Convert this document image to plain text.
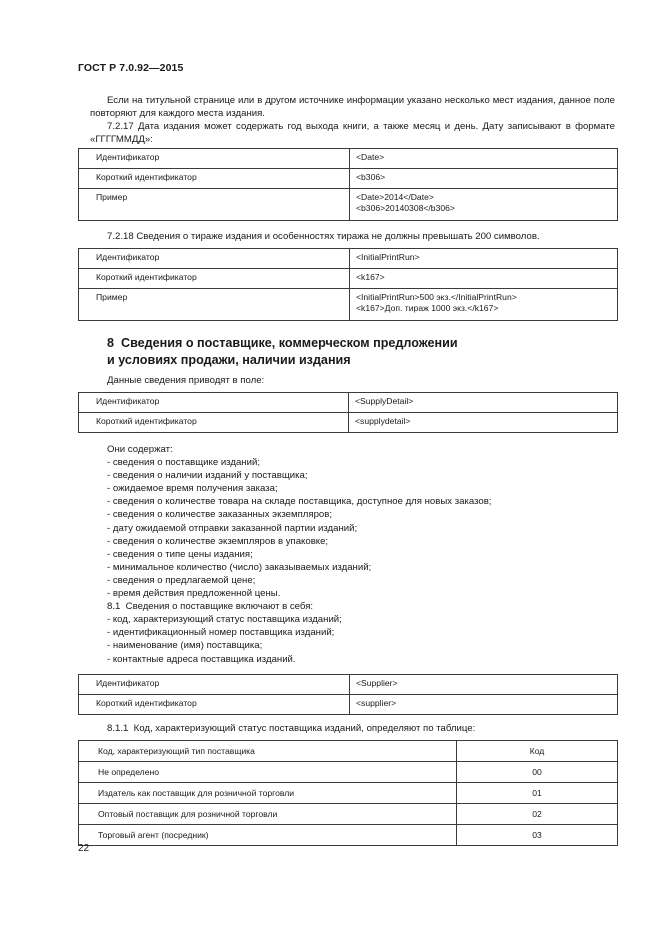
ГОСТ Р 7.0.92—2015

Если на титульной странице или в другом источнике информации указано несколько мест издания, данное поле повторяют для каждого места издания.

7.2.17 Дата издания может содержать год выхода книги, а также месяц и день. Дату записывают в формате «ГГГГММДД»:

Идентификатор	<Date>

Короткий идентификатор	<b306>

Пример	<Date>2014</Date>
<b306>20140308</b306>
7.2.18 Сведения о тираже издания и особенностях тиража не должны превышать 200 символов.
Идентификатор	<InitialPrintRun>

Короткий идентификатор	<k167>

Пример	<InitialPrintRun>500 экз.</InitialPrintRun>
<k167>Доп. тираж 1000 экз.</k167>
8  Сведения о поставщике, коммерческом предложении
и условиях продажи, наличии издания
Данные сведения приводят в поле:
Идентификатор	<SupplyDetail>

Короткий идентификатор	<supplydetail>
Они содержат:
- сведения о поставщике изданий;
- сведения о наличии изданий у поставщика;
- ожидаемое время получения заказа;
- сведения о количестве товара на складе поставщика, доступное для новых заказов;
- сведения о количестве заказанных экземпляров;
- дату ожидаемой отправки заказанной партии изданий;
- сведения о количестве экземпляров в упаковке;
- сведения о типе цены издания;
- минимальное количество (число) заказываемых изданий;
- сведения о предлагаемой цене;
- время действия предложенной цены.
8.1  Сведения о поставщике включают в себя:
- код, характеризующий статус поставщика изданий;
- идентификационный номер поставщика изданий;
- наименование (имя) поставщика;
- контактные адреса поставщика изданий.
Идентификатор	<Supplier>

Короткий идентификатор	<supplier>
8.1.1  Код, характеризующий статус поставщика изданий, определяют по таблице:
Код, характеризующий тип поставщика	Код
Не определено	00
Издатель как поставщик для розничной торговли	01
Оптовый поставщик для розничной торговли	02
Торговый агент (посредник)	03
22
